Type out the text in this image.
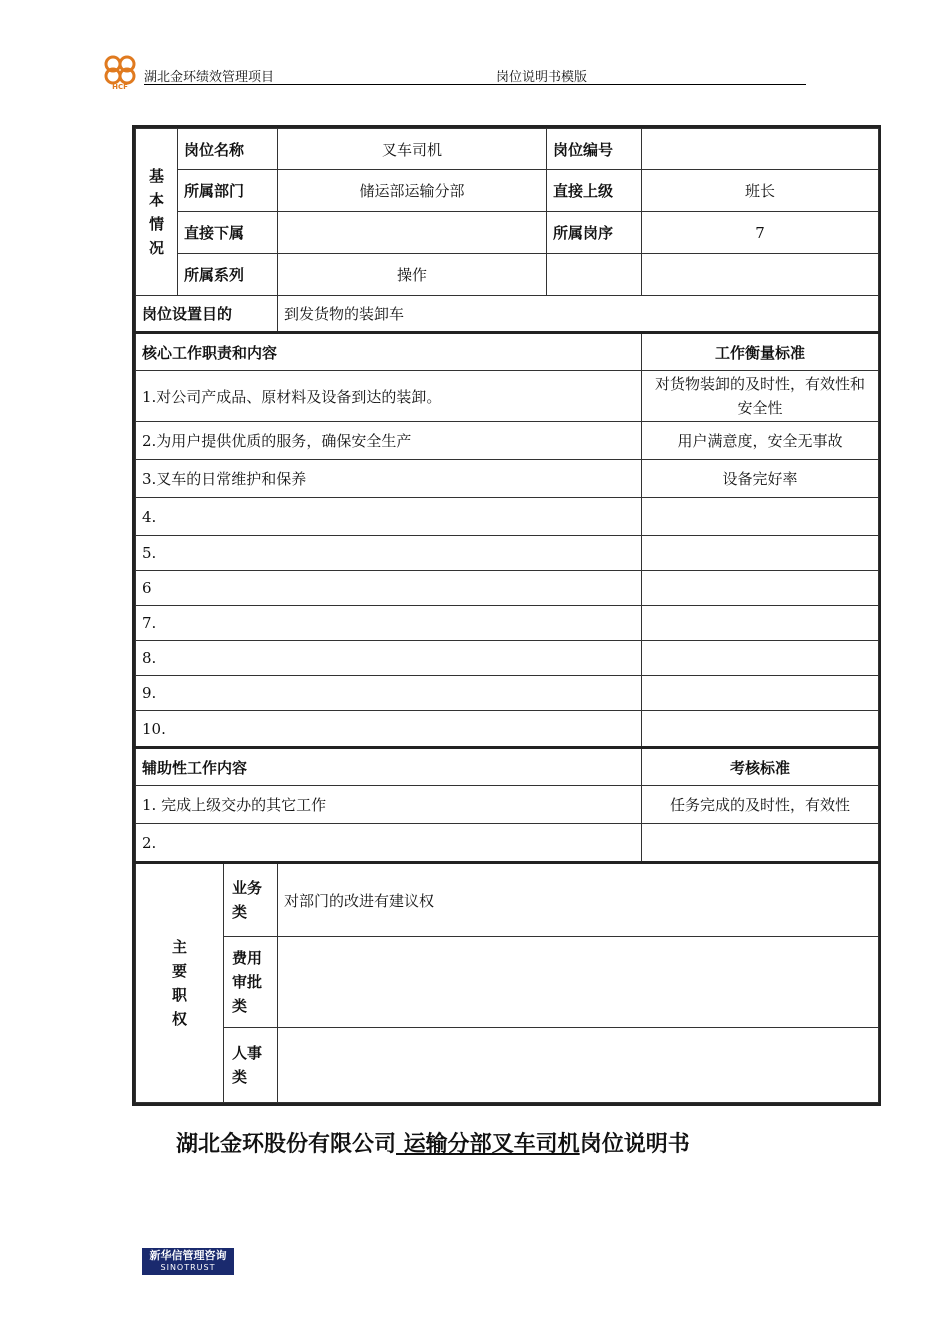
HCF
湖北金环绩效管理项目	岗位说明书模版
基本情况	岗位名称		叉车司机	岗位编号	
	所属部门		储运部运输分部	直接上级	班长
	直接下属			所属岗序	7
	所属系列		操作		
岗位设置目的			到发货物的装卸车		
核心工作职责和内容					工作衡量标准
1.对公司产成品、原材料及设备到达的装卸。					对货物装卸的及时性，有效性和安全性
2.为用户提供优质的服务，确保安全生产					用户满意度，安全无事故
3.叉车的日常维护和保养					设备完好率
4.					
5.					
6					
7.					
8.					
9.					
10.					
辅助性工作内容					考核标准
1. 完成上级交办的其它工作					任务完成的及时性，有效性
2.					
主要职权		业务类	对部门的改进有建议权		
		费用审批类			
		人事类			
湖北金环股份有限公司 运输分部叉车司机岗位说明书
新华信管理咨询
SINOTRUST
